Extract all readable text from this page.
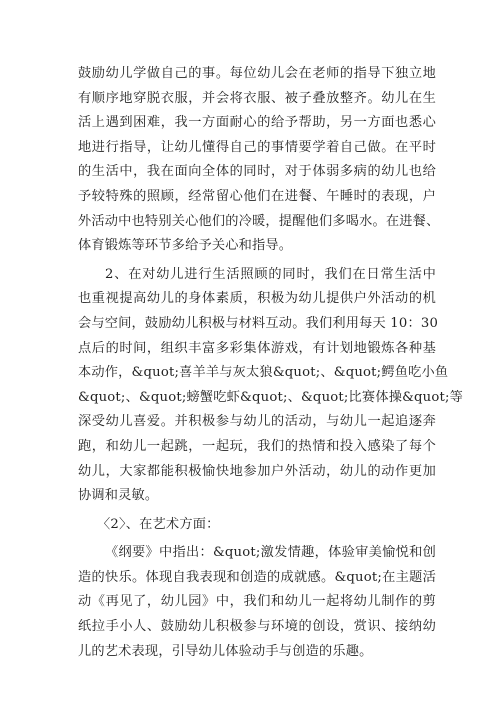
鼓励幼儿学做自己的事。每位幼儿会在老师的指导下独立地
有顺序地穿脱衣服，并会将衣服、被子叠放整齐。幼儿在生
活上遇到困难，我一方面耐心的给予帮助，另一方面也悉心
地进行指导，让幼儿懂得自己的事情要学着自己做。在平时
的生活中，我在面向全体的同时，对于体弱多病的幼儿也给
予较特殊的照顾，经常留心他们在进餐、午睡时的表现，户
外活动中也特别关心他们的冷暖，提醒他们多喝水。在进餐、
体育锻炼等环节多给予关心和指导。
2、在对幼儿进行生活照顾的同时，我们在日常生活中
也重视提高幼儿的身体素质，积极为幼儿提供户外活动的机
会与空间，鼓励幼儿积极与材料互动。我们利用每天 10：30
点后的时间，组织丰富多彩集体游戏，有计划地锻炼各种基
本动作，&quot;喜羊羊与灰太狼&quot;、&quot;鳄鱼吃小鱼
&quot;、&quot;螃蟹吃虾&quot;、&quot;比赛体操&quot;等
深受幼儿喜爱。并积极参与幼儿的活动，与幼儿一起追逐奔
跑，和幼儿一起跳，一起玩，我们的热情和投入感染了每个
幼儿，大家都能积极愉快地参加户外活动，幼儿的动作更加
协调和灵敏。
〈2〉、在艺术方面：
《纲要》中指出：&quot;激发情趣，体验审美愉悦和创
造的快乐。体现自我表现和创造的成就感。&quot;在主题活
动《再见了，幼儿园》中，我们和幼儿一起将幼儿制作的剪
纸拉手小人、鼓励幼儿积极参与环境的创设，赏识、接纳幼
儿的艺术表现，引导幼儿体验动手与创造的乐趣。
